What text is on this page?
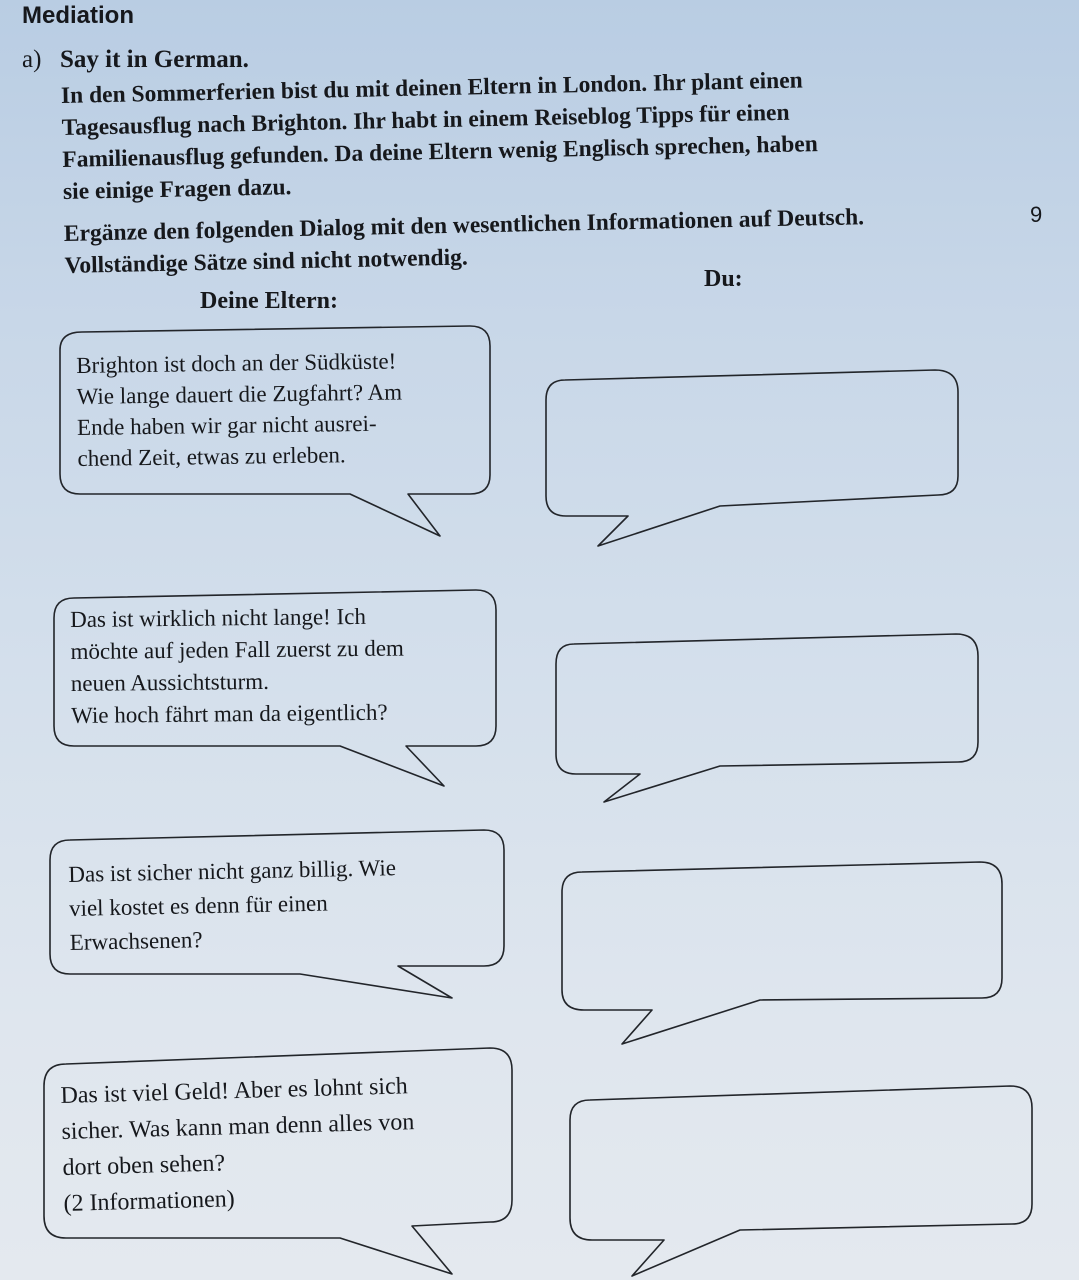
Mediation
a) Say it in German.
In den Sommerferien bist du mit deinen Eltern in London. Ihr plant einen
Tagesausflug nach Brighton. Ihr habt in einem Reiseblog Tipps für einen
Familienausflug gefunden. Da deine Eltern wenig Englisch sprechen, haben
sie einige Fragen dazu.
Ergänze den folgenden Dialog mit den wesentlichen Informationen auf Deutsch.
Vollständige Sätze sind nicht notwendig.
9
Deine Eltern:
Du:
Brighton ist doch an der Südküste!
Wie lange dauert die Zugfahrt? Am
Ende haben wir gar nicht ausrei-
chend Zeit, etwas zu erleben.
Das ist wirklich nicht lange! Ich
möchte auf jeden Fall zuerst zu dem
neuen Aussichtsturm.
Wie hoch fährt man da eigentlich?
Das ist sicher nicht ganz billig. Wie
viel kostet es denn für einen
Erwachsenen?
Das ist viel Geld! Aber es lohnt sich
sicher. Was kann man denn alles von
dort oben sehen?
(2 Informationen)
